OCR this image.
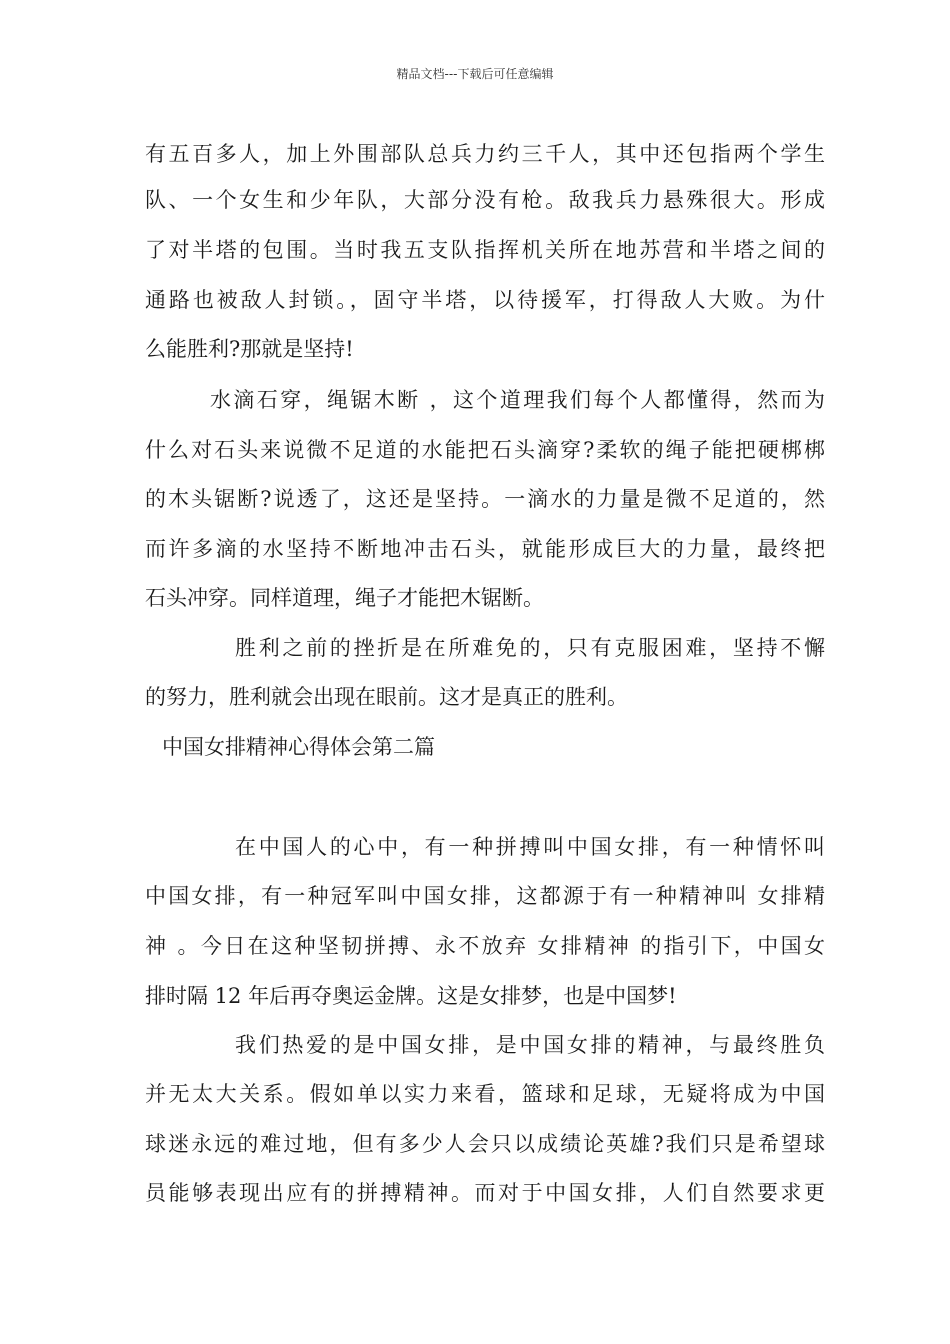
精品文档---下载后可任意编辑
有五百多人，加上外围部队总兵力约三千人，其中还包指两个学生
队、一个女生和少年队，大部分没有枪。敌我兵力悬殊很大。形成
了对半塔的包围。当时我五支队指挥机关所在地苏营和半塔之间的
通路也被敌人封锁。，固守半塔，以待援军，打得敌人大败。为什
么能胜利?那就是坚持!
水滴石穿，绳锯木断 ，这个道理我们每个人都懂得，然而为
什么对石头来说微不足道的水能把石头滴穿?柔软的绳子能把硬梆梆
的木头锯断?说透了，这还是坚持。一滴水的力量是微不足道的，然
而许多滴的水坚持不断地冲击石头，就能形成巨大的力量，最终把
石头冲穿。同样道理，绳子才能把木锯断。
胜利之前的挫折是在所难免的，只有克服困难，坚持不懈
的努力，胜利就会出现在眼前。这才是真正的胜利。
中国女排精神心得体会第二篇
在中国人的心中，有一种拼搏叫中国女排，有一种情怀叫
中国女排，有一种冠军叫中国女排，这都源于有一种精神叫 女排精
神 。今日在这种坚韧拼搏、永不放弃 女排精神 的指引下，中国女
排时隔 12 年后再夺奥运金牌。这是女排梦，也是中国梦!
我们热爱的是中国女排，是中国女排的精神，与最终胜负
并无太大关系。假如单以实力来看，篮球和足球，无疑将成为中国
球迷永远的难过地，但有多少人会只以成绩论英雄?我们只是希望球
员能够表现出应有的拼搏精神。而对于中国女排，人们自然要求更
